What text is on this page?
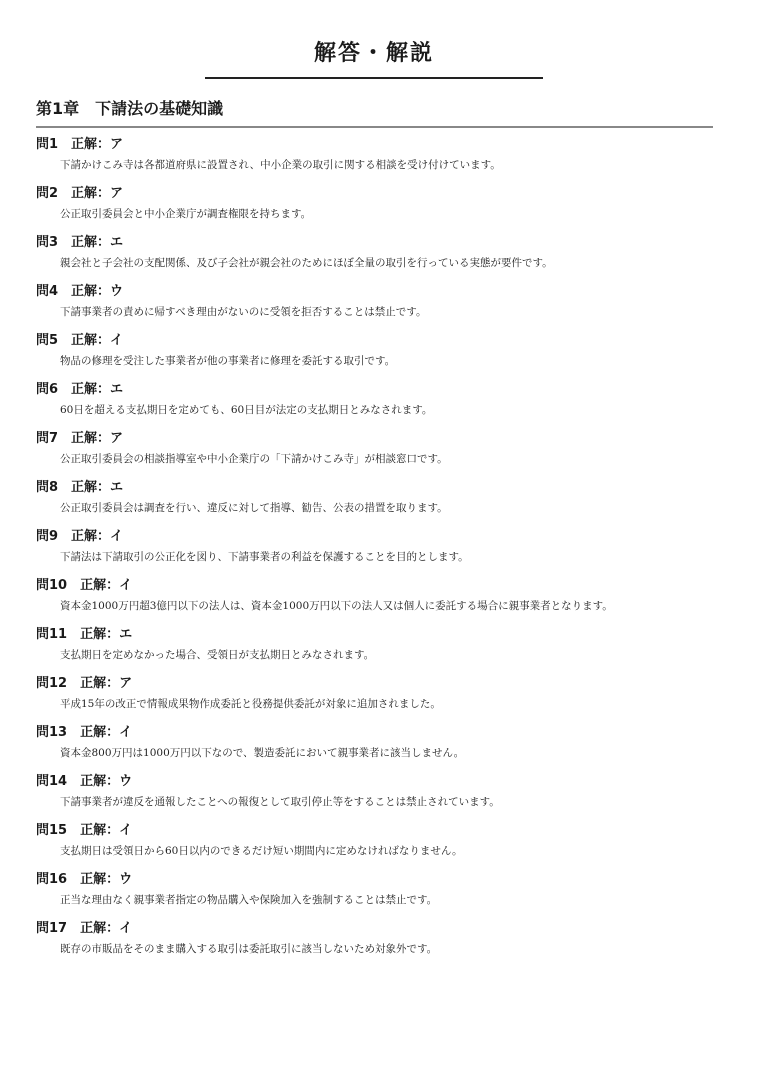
解答・解説
第1章　下請法の基礎知識
問1　正解：ア
下請かけこみ寺は各都道府県に設置され、中小企業の取引に関する相談を受け付けています。
問2　正解：ア
公正取引委員会と中小企業庁が調査権限を持ちます。
問3　正解：エ
親会社と子会社の支配関係、及び子会社が親会社のためにほぼ全量の取引を行っている実態が要件です。
問4　正解：ウ
下請事業者の責めに帰すべき理由がないのに受領を拒否することは禁止です。
問5　正解：イ
物品の修理を受注した事業者が他の事業者に修理を委託する取引です。
問6　正解：エ
60日を超える支払期日を定めても、60日目が法定の支払期日とみなされます。
問7　正解：ア
公正取引委員会の相談指導室や中小企業庁の「下請かけこみ寺」が相談窓口です。
問8　正解：エ
公正取引委員会は調査を行い、違反に対して指導、勧告、公表の措置を取ります。
問9　正解：イ
下請法は下請取引の公正化を図り、下請事業者の利益を保護することを目的とします。
問10　正解：イ
資本金1000万円超3億円以下の法人は、資本金1000万円以下の法人又は個人に委託する場合に親事業者となります。
問11　正解：エ
支払期日を定めなかった場合、受領日が支払期日とみなされます。
問12　正解：ア
平成15年の改正で情報成果物作成委託と役務提供委託が対象に追加されました。
問13　正解：イ
資本金800万円は1000万円以下なので、製造委託において親事業者に該当しません。
問14　正解：ウ
下請事業者が違反を通報したことへの報復として取引停止等をすることは禁止されています。
問15　正解：イ
支払期日は受領日から60日以内のできるだけ短い期間内に定めなければなりません。
問16　正解：ウ
正当な理由なく親事業者指定の物品購入や保険加入を強制することは禁止です。
問17　正解：イ
既存の市販品をそのまま購入する取引は委託取引に該当しないため対象外です。
